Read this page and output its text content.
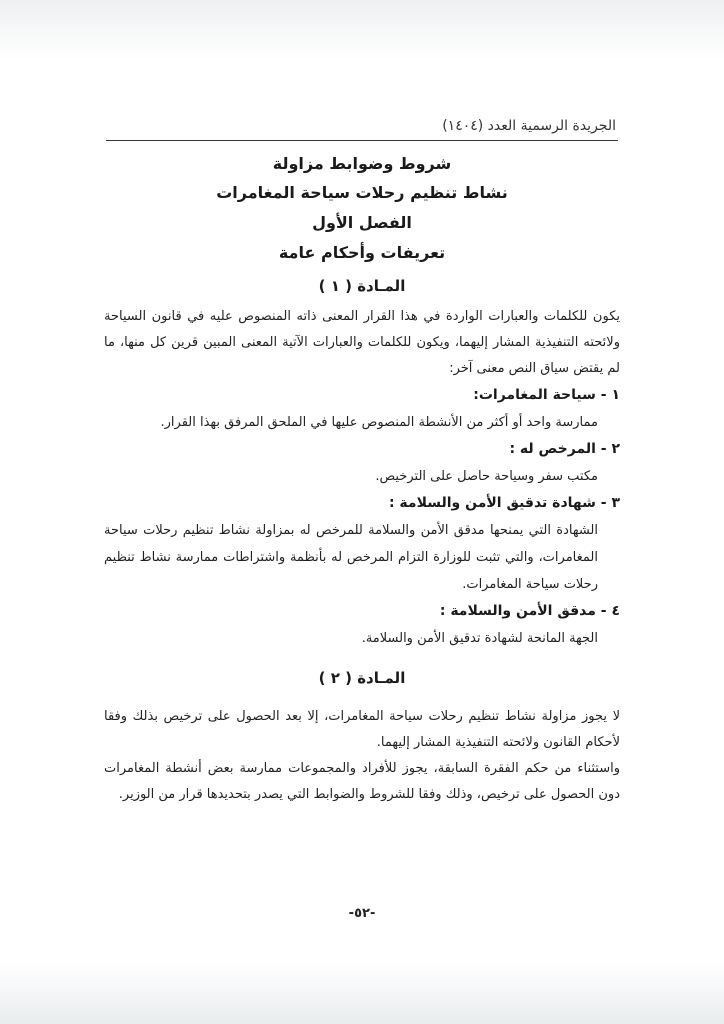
الجريدة الرسمية العدد (١٤٠٤)

شروط وضوابط مزاولة

نشاط تنظيم رحلات سياحة المغامرات

الفصل الأول

تعريفات وأحكام عامة

المـادة ( ١ )

يكون للكلمات والعبارات الواردة في هذا القرار المعنى ذاته المنصوص عليه في قانون السياحة ولائحته التنفيذية المشار إليهما، ويكون للكلمات والعبارات الآتية المعنى المبين قرين كل منها، ما لم يقتض سياق النص معنى آخر:

١ - سياحة المغامرات:

ممارسة واحد أو أكثر من الأنشطة المنصوص عليها في الملحق المرفق بهذا القرار.

٢ - المرخص له :

مكتب سفر وسياحة حاصل على الترخيص.

٣ - شهادة تدقيق الأمن والسلامة :

الشهادة التي يمنحها مدقق الأمن والسلامة للمرخص له بمزاولة نشاط تنظيم رحلات سياحة المغامرات، والتي تثبت للوزارة التزام المرخص له بأنظمة واشتراطات ممارسة نشاط تنظيم رحلات سياحة المغامرات.

٤ - مدقق الأمن والسلامة :

الجهة المانحة لشهادة تدقيق الأمن والسلامة.

المـادة ( ٢ )

لا يجوز مزاولة نشاط تنظيم رحلات سياحة المغامرات، إلا بعد الحصول على ترخيص بذلك وفقا لأحكام القانون ولائحته التنفيذية المشار إليهما.

واستثناء من حكم الفقرة السابقة، يجوز للأفراد والمجموعات ممارسة بعض أنشطة المغامرات دون الحصول على ترخيص، وذلك وفقا للشروط والضوابط التي يصدر بتحديدها قرار من الوزير.

-٥٢-
